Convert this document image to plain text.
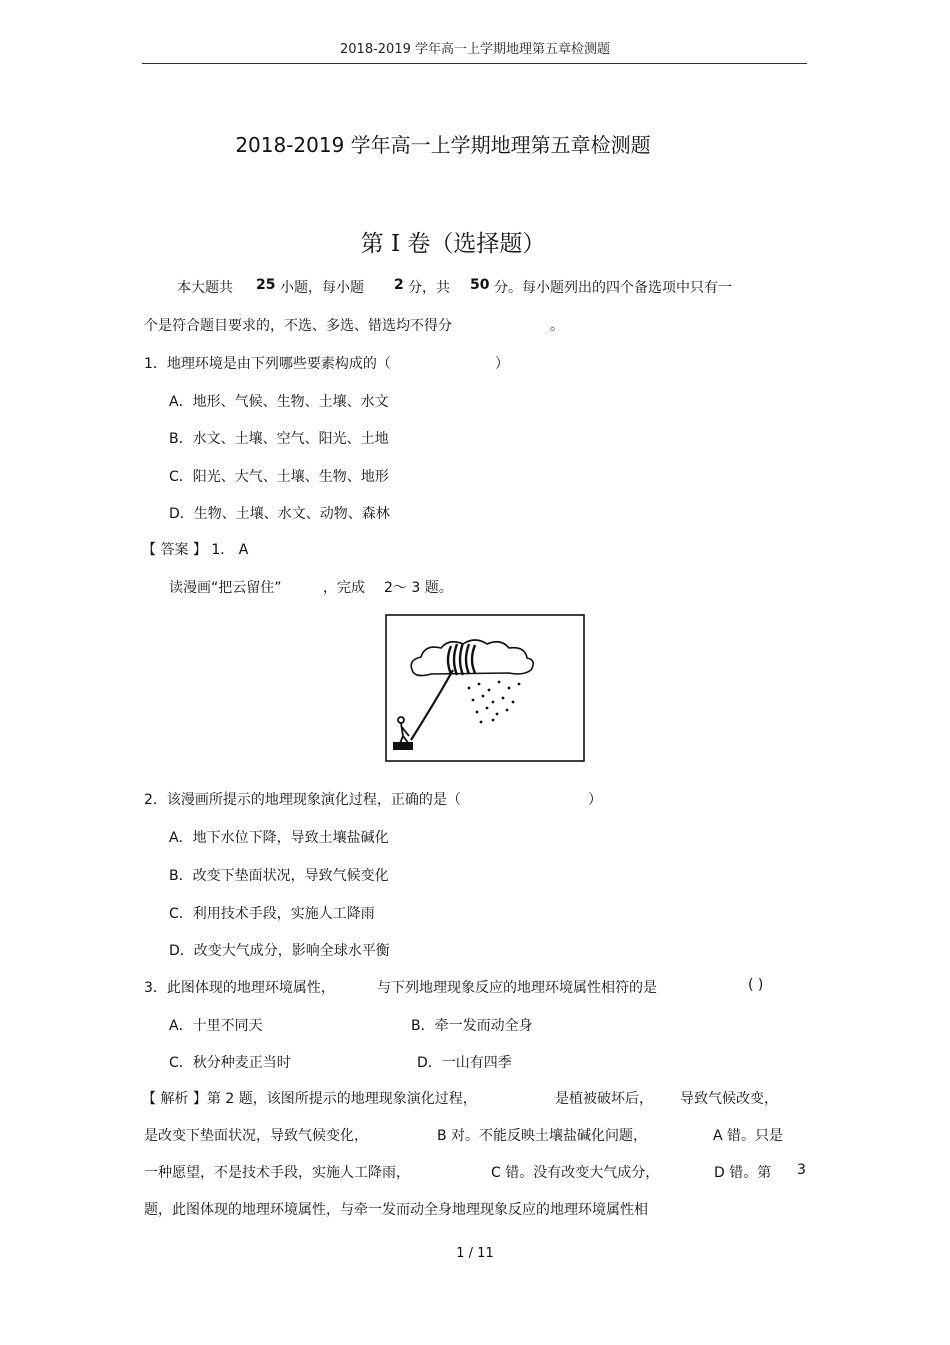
2018-2019 学年高一上学期地理第五章检测题
2018-2019 学年高一上学期地理第五章检测题
第 Ⅰ 卷（选择题）
本大题共 25 小题，每小题 2 分，共 50 分。每小题列出的四个备选项中只有一
个是符合题目要求的，不选、多选、错选均不得分	。
1．地理环境是由下列哪些要素构成的（	）
A．地形、气候、生物、土壤、水文
B．水文、土壤、空气、阳光、土地
C．阳光、大气、土壤、生物、地形
D．生物、土壤、水文、动物、森林
【 答案 】 1． A
读漫画“把云留住”	，完成 2～ 3 题。
2．该漫画所提示的地理现象演化过程，正确的是（	）
A．地下水位下降，导致土壤盐碱化
B．改变下垫面状况，导致气候变化
C．利用技术手段，实施人工降雨
D．改变大气成分，影响全球水平衡
3．此图体现的地理环境属性，	与下列地理现象反应的地理环境属性相符的是	( )
A．十里不同天	B．牵一发而动全身
C．秋分种麦正当时	D．一山有四季
【 解析 】第 2 题，该图所提示的地理现象演化过程，	是植被破坏后， 导致气候改变，
是改变下垫面状况，导致气候变化，	B 对。不能反映土壤盐碱化问题，	A 错。只是
一种愿望，不是技术手段，实施人工降雨，	C 错。没有改变大气成分，	D 错。第 3
题，此图体现的地理环境属性，与牵一发而动全身地理现象反应的地理环境属性相
1 / 11
